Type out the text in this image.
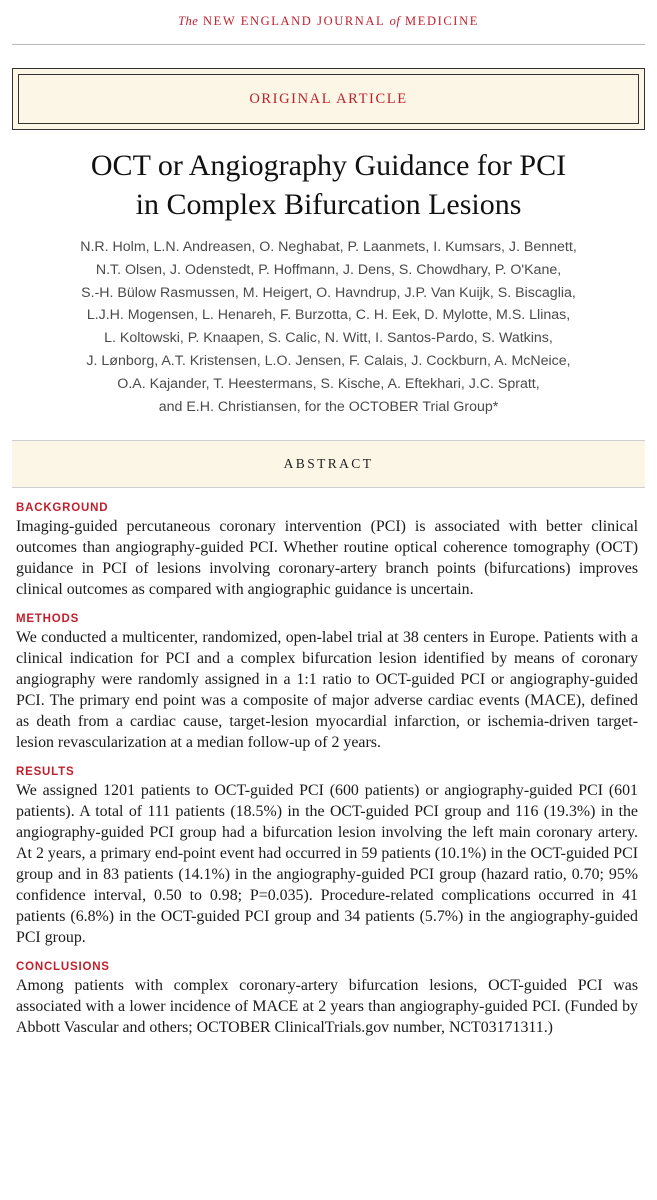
The NEW ENGLAND JOURNAL of MEDICINE
ORIGINAL ARTICLE
OCT or Angiography Guidance for PCI
in Complex Bifurcation Lesions
N.R. Holm, L.N. Andreasen, O. Neghabat, P. Laanmets, I. Kumsars, J. Bennett,
N.T. Olsen, J. Odenstedt, P. Hoffmann, J. Dens, S. Chowdhary, P. O'Kane,
S.-H. Bülow Rasmussen, M. Heigert, O. Havndrup, J.P. Van Kuijk, S. Biscaglia,
L.J.H. Mogensen, L. Henareh, F. Burzotta, C. H. Eek, D. Mylotte, M.S. Llinas,
L. Koltowski, P. Knaapen, S. Calic, N. Witt, I. Santos-Pardo, S. Watkins,
J. Lønborg, A.T. Kristensen, L.O. Jensen, F. Calais, J. Cockburn, A. McNeice,
O.A. Kajander, T. Heestermans, S. Kische, A. Eftekhari, J.C. Spratt,
and E.H. Christiansen, for the OCTOBER Trial Group*
ABSTRACT

BACKGROUND

Imaging-guided percutaneous coronary intervention (PCI) is associated with better clinical outcomes than angiography-guided PCI. Whether routine optical coherence tomography (OCT) guidance in PCI of lesions involving coronary-artery branch points (bifurcations) improves clinical outcomes as compared with angiographic guidance is uncertain.

METHODS

We conducted a multicenter, randomized, open-label trial at 38 centers in Europe. Patients with a clinical indication for PCI and a complex bifurcation lesion identified by means of coronary angiography were randomly assigned in a 1:1 ratio to OCT-guided PCI or angiography-guided PCI. The primary end point was a composite of major adverse cardiac events (MACE), defined as death from a cardiac cause, target-lesion myocardial infarction, or ischemia-driven target-lesion revascularization at a median follow-up of 2 years.

RESULTS

We assigned 1201 patients to OCT-guided PCI (600 patients) or angiography-guided PCI (601 patients). A total of 111 patients (18.5%) in the OCT-guided PCI group and 116 (19.3%) in the angiography-guided PCI group had a bifurcation lesion involving the left main coronary artery. At 2 years, a primary end-point event had occurred in 59 patients (10.1%) in the OCT-guided PCI group and in 83 patients (14.1%) in the angiography-guided PCI group (hazard ratio, 0.70; 95% confidence interval, 0.50 to 0.98; P=0.035). Procedure-related complications occurred in 41 patients (6.8%) in the OCT-guided PCI group and 34 patients (5.7%) in the angiography-guided PCI group.

CONCLUSIONS

Among patients with complex coronary-artery bifurcation lesions, OCT-guided PCI was associated with a lower incidence of MACE at 2 years than angiography-guided PCI. (Funded by Abbott Vascular and others; OCTOBER ClinicalTrials.gov number, NCT03171311.)
